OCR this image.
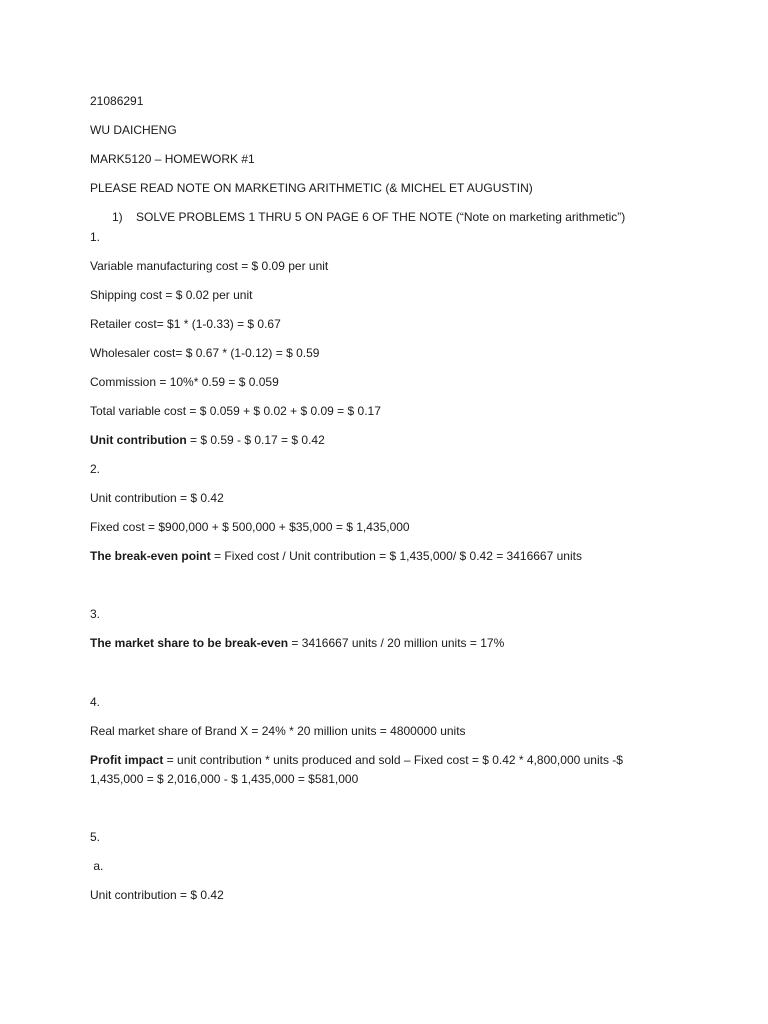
21086291
WU DAICHENG
MARK5120 – HOMEWORK #1
PLEASE READ NOTE ON MARKETING ARITHMETIC (& MICHEL ET AUGUSTIN)
1) SOLVE PROBLEMS 1 THRU 5 ON PAGE 6 OF THE NOTE (“Note on marketing arithmetic”)
1.
Variable manufacturing cost = $ 0.09 per unit
Shipping cost = $ 0.02 per unit
Retailer cost= $1 * (1-0.33) = $ 0.67
Wholesaler cost= $ 0.67 * (1-0.12) = $ 0.59
Commission = 10%* 0.59 = $ 0.059
Total variable cost = $ 0.059 + $ 0.02 + $ 0.09 = $ 0.17
Unit contribution = $ 0.59 - $ 0.17 = $ 0.42
2.
Unit contribution = $ 0.42
Fixed cost = $900,000 + $ 500,000 + $35,000 = $ 1,435,000
The break-even point = Fixed cost / Unit contribution = $ 1,435,000/ $ 0.42 = 3416667 units
3.
The market share to be break-even = 3416667 units / 20 million units = 17%
4.
Real market share of Brand X = 24% * 20 million units = 4800000 units
Profit impact = unit contribution * units produced and sold – Fixed cost = $ 0.42 * 4,800,000 units -$
1,435,000 = $ 2,016,000 - $ 1,435,000 = $581,000
5.
a.
Unit contribution = $ 0.42
